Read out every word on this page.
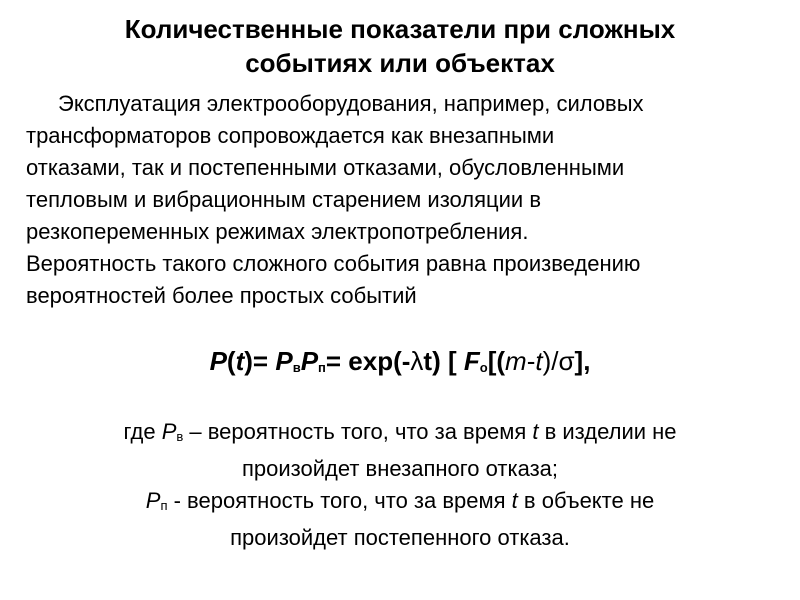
Количественные показатели при сложных
событиях или объектах

Эксплуатация электрооборудования, например, силовых
трансформаторов сопровождается как внезапными
отказами, так и постепенными отказами, обусловленными
тепловым и вибрационным старением изоляции в
резкопеременных режимах электропотребления.
Вероятность такого сложного события равна произведению
вероятностей более простых событий

P(t)= PвPп= exp(-λt) [ Fо[(m-t)/σ],
где Pв – вероятность того, что за время t в изделии не
произойдет внезапного отказа;
Pп - вероятность того, что за время t в объекте не
произойдет постепенного отказа.
